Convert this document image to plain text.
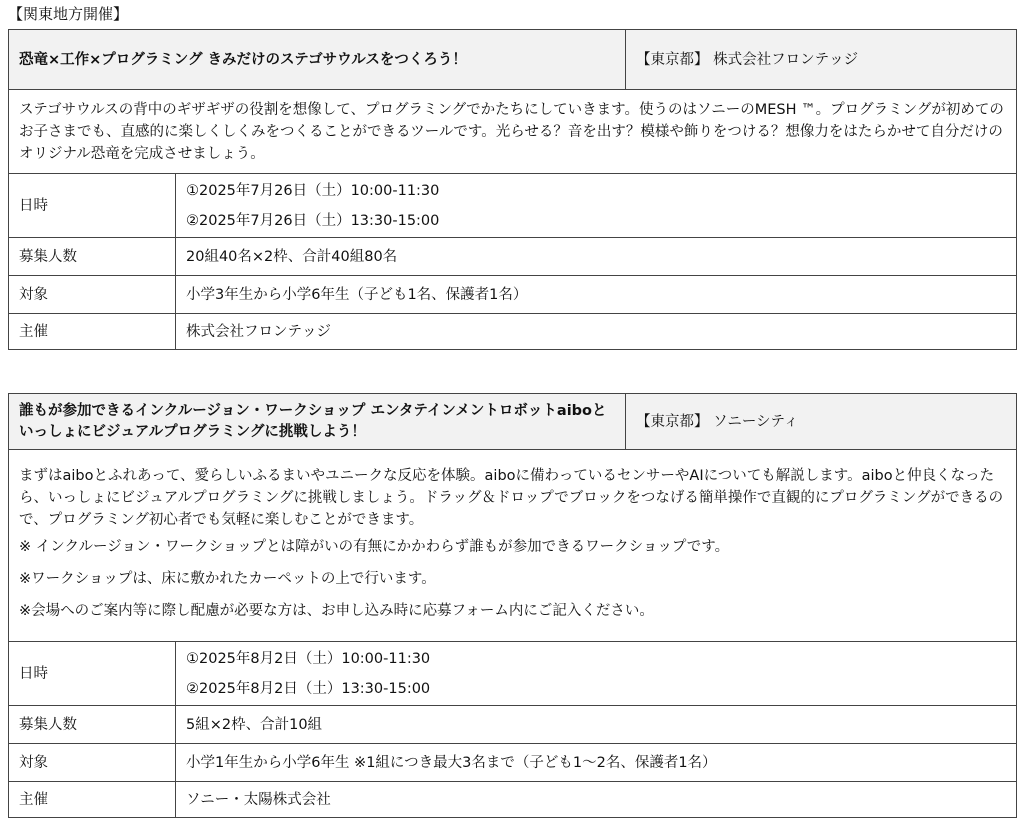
【関東地方開催】
恐竜×工作×プログラミング きみだけのステゴサウルスをつくろう！		【東京都】 株式会社フロンテッジ
ステゴサウルスの背中のギザギザの役割を想像して、プログラミングでかたちにしていきます。使うのはソニーのMESH ™。プログラミングが初めてのお子さまでも、直感的に楽しくしくみをつくることができるツールです。光らせる？音を出す？模様や飾りをつける？想像力をはたらかせて自分だけのオリジナル恐竜を完成させましょう。		
日時	①2025年7月26日（土）10:00-11:30
②2025年7月26日（土）13:30-15:00	

募集人数	20組40名×2枠、合計40組80名	
対象	小学3年生から小学6年生（子ども1名、保護者1名）	
主催	株式会社フロンテッジ	
誰もが参加できるインクルージョン・ワークショップ エンタテインメントロボットaiboと
いっしょにビジュアルプログラミングに挑戦しよう！		【東京都】 ソニーシティ

まずはaiboとふれあって、愛らしいふるまいやユニークな反応を体験。aiboに備わっているセンサーやAIについても解説します。aiboと仲良くなったら、いっしょにビジュアルプログラミングに挑戦しましょう。ドラッグ＆ドロップでブロックをつなげる簡単操作で直観的にプログラミングができるので、プログラミング初心者でも気軽に楽しむことができます。
※ インクルージョン・ワークショップとは障がいの有無にかかわらず誰もが参加できるワークショップです。
※ワークショップは、床に敷かれたカーペットの上で行います。
※会場へのご案内等に際し配慮が必要な方は、お申し込み時に応募フォーム内にご記入ください。		

日時	①2025年8月2日（土）10:00-11:30
②2025年8月2日（土）13:30-15:00	

募集人数	5組×2枠、合計10組	
対象	小学1年生から小学6年生 ※1組につき最大3名まで（子ども1～2名、保護者1名）	
主催	ソニー・太陽株式会社	
